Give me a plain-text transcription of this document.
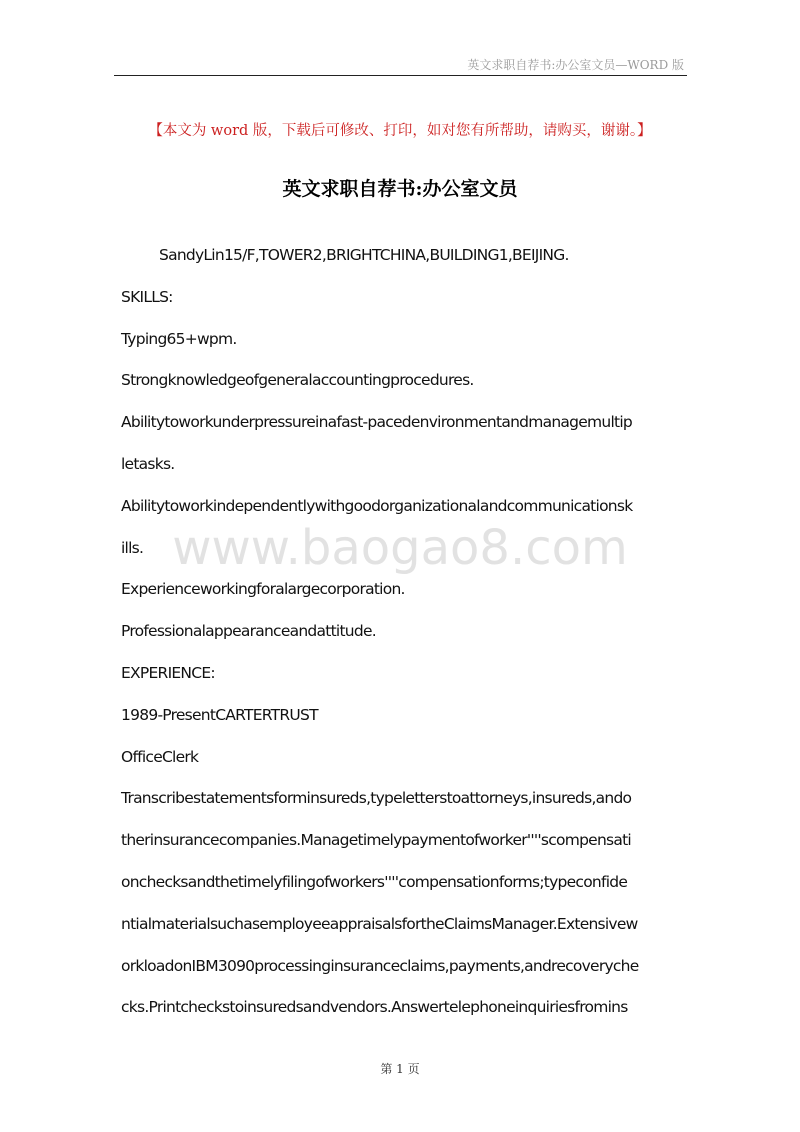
英文求职自荐书:办公室文员—WORD 版
【本文为 word 版，下载后可修改、打印，如对您有所帮助，请购买，谢谢。】
英文求职自荐书:办公室文员
SandyLin15/F,TOWER2,BRIGHTCHINA,BUILDING1,BEIJING.
SKILLS:
Typing65+wpm.
Strongknowledgeofgeneralaccountingprocedures.
Abilitytoworkunderpressureinafast-pacedenvironmentandmanagemultip
letasks.
Abilitytoworkindependentlywithgoodorganizationalandcommunicationsk
ills.
Experienceworkingforalargecorporation.
Professionalappearanceandattitude.
EXPERIENCE:
1989-PresentCARTERTRUST
OfficeClerk
Transcribestatementsforminsureds,typeletterstoattorneys,insureds,ando
therinsurancecompanies.Managetimelypaymentofworker''''scompensati
onchecksandthetimelyfilingofworkers''''compensationforms;typeconfide
ntialmaterialsuchasemployeeappraisalsfortheClaimsManager.Extensivew
orkloadonIBM3090processinginsuranceclaims,payments,andrecoveryche
cks.Printcheckstoinsuredsandvendors.Answertelephoneinquiriesfromins
www.baogao8.com
第 1 页
